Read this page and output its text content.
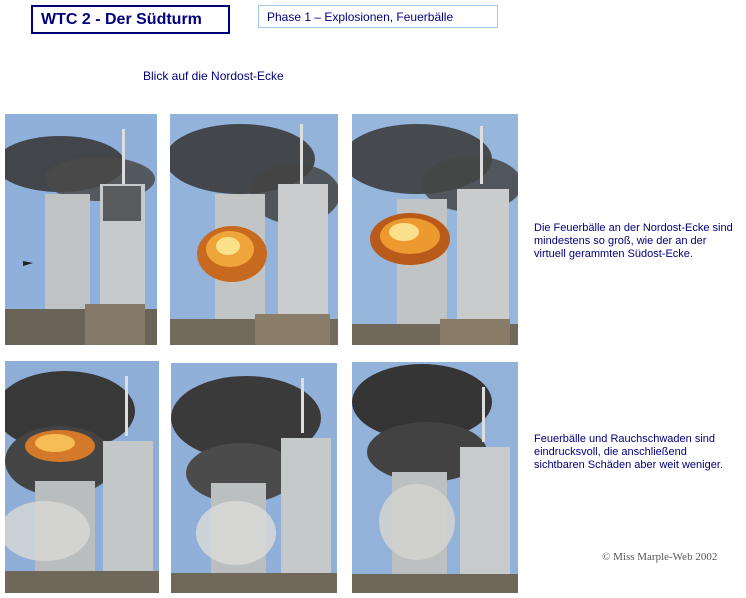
WTC 2 - Der Südturm	Phase 1 – Explosionen, Feuerbälle
Blick auf die Nordost-Ecke
Die Feuerbälle an der Nordost-Ecke sind mindestens so groß, wie der an der virtuell gerammten Südost-Ecke.
Feuerbälle und Rauchschwaden sind eindrucksvoll, die anschließend sichtbaren Schäden aber weit weniger.
© Miss Marple-Web 2002
